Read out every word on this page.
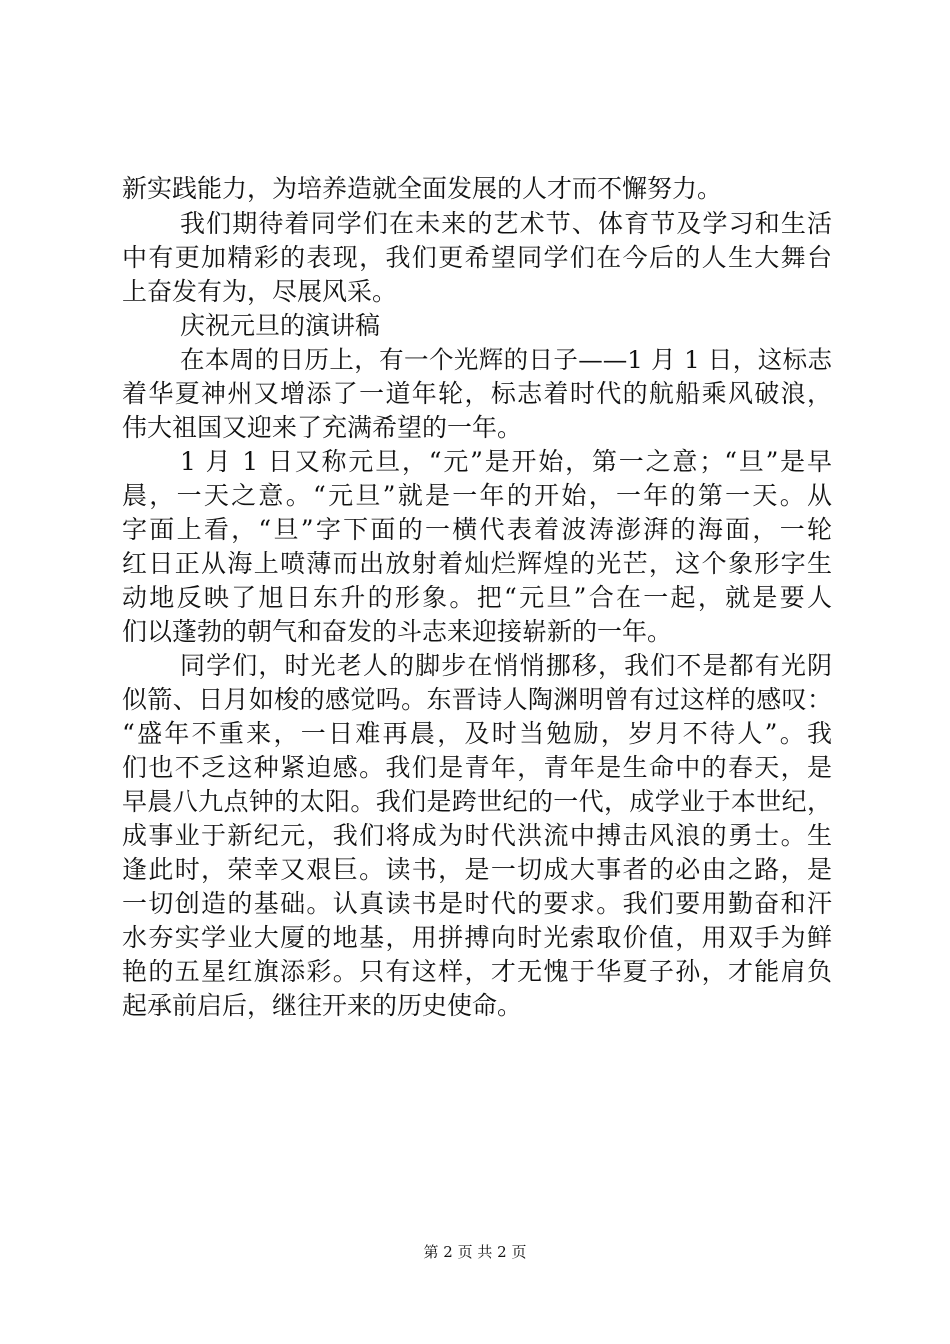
新实践能力，为培养造就全面发展的人才而不懈努力。
我们期待着同学们在未来的艺术节、体育节及学习和生活
中有更加精彩的表现，我们更希望同学们在今后的人生大舞台
上奋发有为，尽展风采。
庆祝元旦的演讲稿
在本周的日历上，有一个光辉的日子——1 月 1 日，这标志
着华夏神州又增添了一道年轮，标志着时代的航船乘风破浪，
伟大祖国又迎来了充满希望的一年。
1 月 1 日又称元旦，“元”是开始，第一之意；“旦”是早
晨，一天之意。“元旦”就是一年的开始，一年的第一天。从
字面上看，“旦”字下面的一横代表着波涛澎湃的海面，一轮
红日正从海上喷薄而出放射着灿烂辉煌的光芒，这个象形字生
动地反映了旭日东升的形象。把“元旦”合在一起，就是要人
们以蓬勃的朝气和奋发的斗志来迎接崭新的一年。
同学们，时光老人的脚步在悄悄挪移，我们不是都有光阴
似箭、日月如梭的感觉吗。东晋诗人陶渊明曾有过这样的感叹：
“盛年不重来，一日难再晨，及时当勉励，岁月不待人”。我
们也不乏这种紧迫感。我们是青年，青年是生命中的春天，是
早晨八九点钟的太阳。我们是跨世纪的一代，成学业于本世纪，
成事业于新纪元，我们将成为时代洪流中搏击风浪的勇士。生
逢此时，荣幸又艰巨。读书，是一切成大事者的必由之路，是
一切创造的基础。认真读书是时代的要求。我们要用勤奋和汗
水夯实学业大厦的地基，用拼搏向时光索取价值，用双手为鲜
艳的五星红旗添彩。只有这样，才无愧于华夏子孙，才能肩负
起承前启后，继往开来的历史使命。
第 2 页 共 2 页
